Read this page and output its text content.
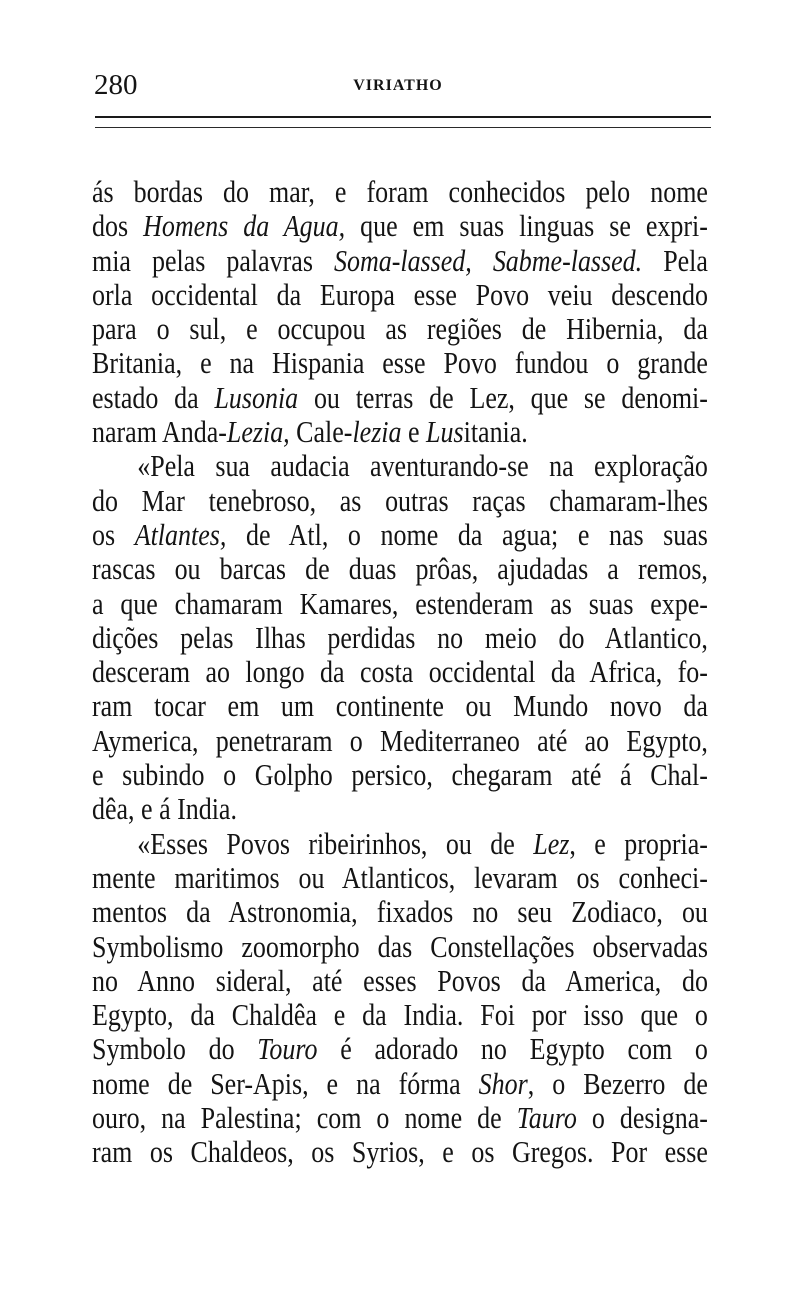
280	VIRIATHO
ás bordas do mar, e foram conhecidos pelo nome
dos Homens da Agua, que em suas linguas se expri-
mia pelas palavras Soma-lassed, Sabme-lassed. Pela
orla occidental da Europa esse Povo veiu descendo
para o sul, e occupou as regiões de Hibernia, da
Britania, e na Hispania esse Povo fundou o grande
estado da Lusonia ou terras de Lez, que se denomi-
naram Anda-Lezia, Cale-lezia e Lusitania.
«Pela sua audacia aventurando-se na exploração
do Mar tenebroso, as outras raças chamaram-lhes
os Atlantes, de Atl, o nome da agua; e nas suas
rascas ou barcas de duas prôas, ajudadas a remos,
a que chamaram Kamares, estenderam as suas expe-
dições pelas Ilhas perdidas no meio do Atlantico,
desceram ao longo da costa occidental da Africa, fo-
ram tocar em um continente ou Mundo novo da
Aymerica, penetraram o Mediterraneo até ao Egypto,
e subindo o Golpho persico, chegaram até á Chal-
dêa, e á India.
«Esses Povos ribeirinhos, ou de Lez, e propria-
mente maritimos ou Atlanticos, levaram os conheci-
mentos da Astronomia, fixados no seu Zodiaco, ou
Symbolismo zoomorpho das Constellações observadas
no Anno sideral, até esses Povos da America, do
Egypto, da Chaldêa e da India. Foi por isso que o
Symbolo do Touro é adorado no Egypto com o
nome de Ser-Apis, e na fórma Shor, o Bezerro de
ouro, na Palestina; com o nome de Tauro o designa-
ram os Chaldeos, os Syrios, e os Gregos. Por esse
